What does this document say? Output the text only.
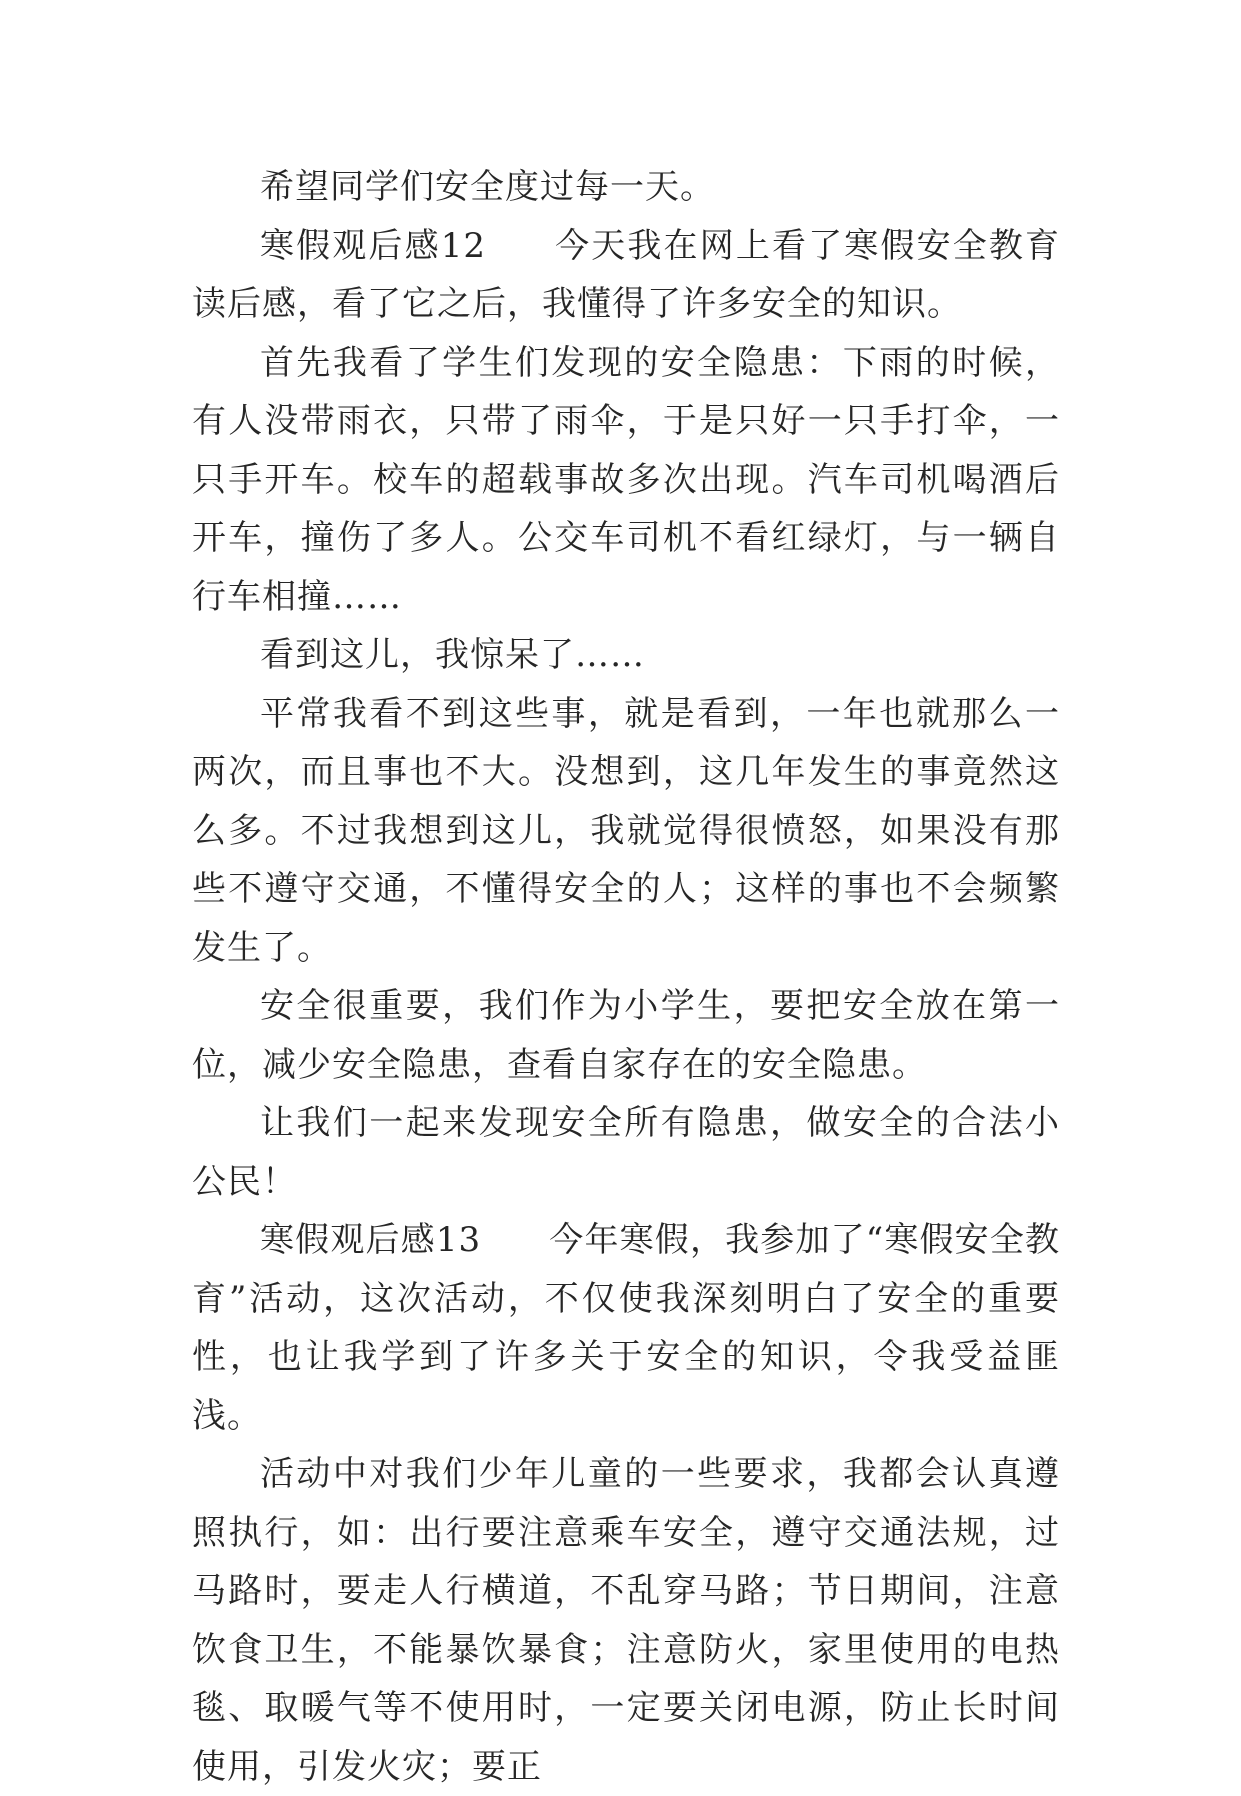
希望同学们安全度过每一天。

寒假观后感12 今天我在网上看了寒假安全教育读后感，看了它之后，我懂得了许多安全的知识。

首先我看了学生们发现的安全隐患：下雨的时候，有人没带雨衣，只带了雨伞，于是只好一只手打伞，一只手开车。校车的超载事故多次出现。汽车司机喝酒后开车，撞伤了多人。公交车司机不看红绿灯，与一辆自行车相撞……

看到这儿，我惊呆了……

平常我看不到这些事，就是看到，一年也就那么一两次，而且事也不大。没想到，这几年发生的事竟然这么多。不过我想到这儿，我就觉得很愤怒，如果没有那些不遵守交通，不懂得安全的人；这样的事也不会频繁发生了。

安全很重要，我们作为小学生，要把安全放在第一位，减少安全隐患，查看自家存在的安全隐患。

让我们一起来发现安全所有隐患，做安全的合法小公民！

寒假观后感13 今年寒假，我参加了“寒假安全教育”活动，这次活动，不仅使我深刻明白了安全的重要性，也让我学到了许多关于安全的知识，令我受益匪浅。

活动中对我们少年儿童的一些要求，我都会认真遵照执行，如：出行要注意乘车安全，遵守交通法规，过马路时，要走人行横道，不乱穿马路；节日期间，注意饮食卫生，不能暴饮暴食；注意防火，家里使用的电热毯、取暖气等不使用时，一定要关闭电源，防止长时间使用，引发火灾；要正
